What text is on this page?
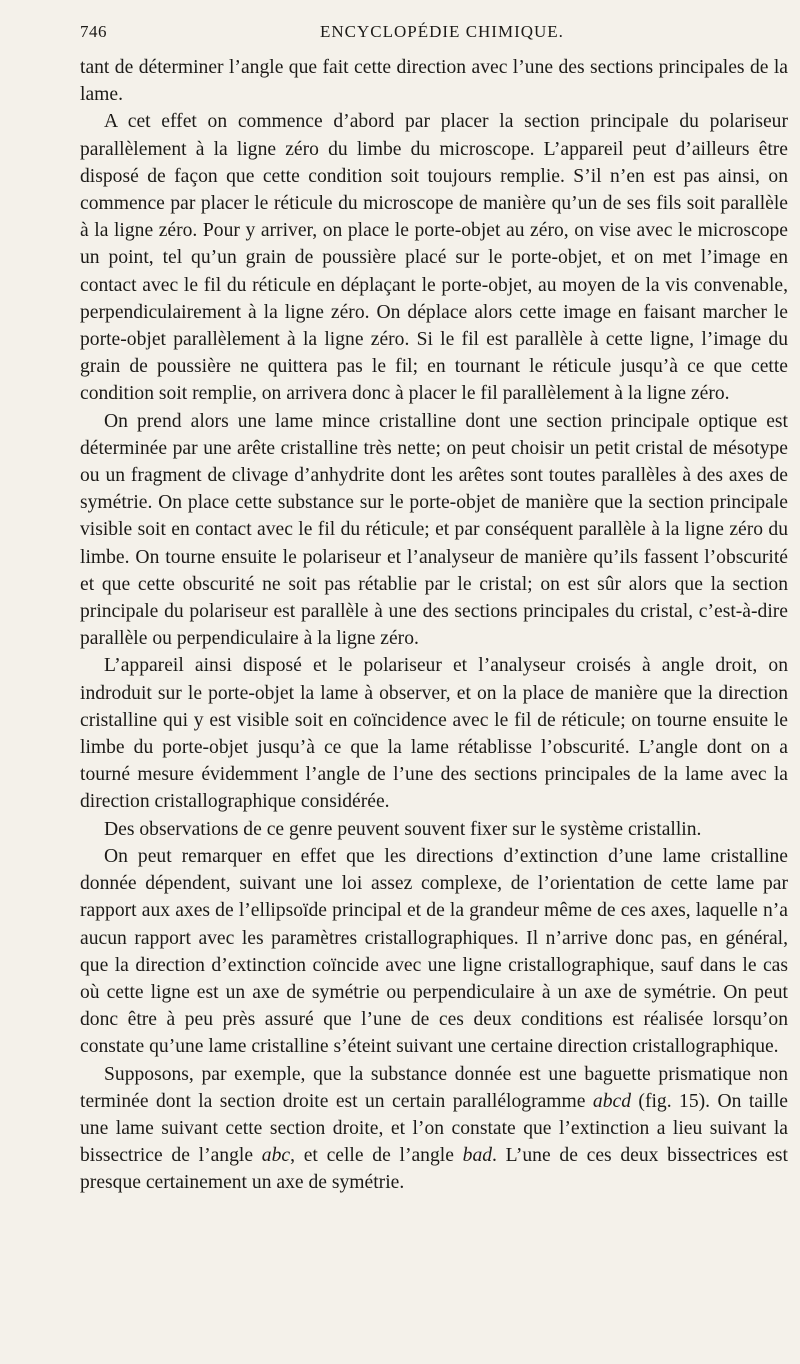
746	ENCYCLOPÉDIE CHIMIQUE.

tant de déterminer l’angle que fait cette direction avec l’une des sections principales de la lame.

A cet effet on commence d’abord par placer la section principale du polariseur parallèlement à la ligne zéro du limbe du microscope. L’appareil peut d’ailleurs être disposé de façon que cette condition soit toujours remplie. S’il n’en est pas ainsi, on commence par placer le réticule du microscope de manière qu’un de ses fils soit parallèle à la ligne zéro. Pour y arriver, on place le porte-objet au zéro, on vise avec le microscope un point, tel qu’un grain de poussière placé sur le porte-objet, et on met l’image en contact avec le fil du réticule en déplaçant le porte-objet, au moyen de la vis convenable, perpendiculairement à la ligne zéro. On déplace alors cette image en faisant marcher le porte-objet parallèlement à la ligne zéro. Si le fil est parallèle à cette ligne, l’image du grain de poussière ne quittera pas le fil; en tournant le réticule jusqu’à ce que cette condition soit remplie, on arrivera donc à placer le fil parallèlement à la ligne zéro.

On prend alors une lame mince cristalline dont une section principale optique est déterminée par une arête cristalline très nette; on peut choisir un petit cristal de mésotype ou un fragment de clivage d’anhydrite dont les arêtes sont toutes parallèles à des axes de symétrie. On place cette substance sur le porte-objet de manière que la section principale visible soit en contact avec le fil du réticule; et par conséquent parallèle à la ligne zéro du limbe. On tourne ensuite le polariseur et l’analyseur de manière qu’ils fassent l’obscurité et que cette obscurité ne soit pas rétablie par le cristal; on est sûr alors que la section principale du polariseur est parallèle à une des sections principales du cristal, c’est-à-dire parallèle ou perpendiculaire à la ligne zéro.

L’appareil ainsi disposé et le polariseur et l’analyseur croisés à angle droit, on indroduit sur le porte-objet la lame à observer, et on la place de manière que la direction cristalline qui y est visible soit en coïncidence avec le fil de réticule; on tourne ensuite le limbe du porte-objet jusqu’à ce que la lame rétablisse l’obscurité. L’angle dont on a tourné mesure évidemment l’angle de l’une des sections principales de la lame avec la direction cristallographique considérée.

Des observations de ce genre peuvent souvent fixer sur le système cristallin.

On peut remarquer en effet que les directions d’extinction d’une lame cristalline donnée dépendent, suivant une loi assez complexe, de l’orientation de cette lame par rapport aux axes de l’ellipsoïde principal et de la grandeur même de ces axes, laquelle n’a aucun rapport avec les paramètres cristallographiques. Il n’arrive donc pas, en général, que la direction d’extinction coïncide avec une ligne cristallographique, sauf dans le cas où cette ligne est un axe de symétrie ou perpendiculaire à un axe de symétrie. On peut donc être à peu près assuré que l’une de ces deux conditions est réalisée lorsqu’on constate qu’une lame cristalline s’éteint suivant une certaine direction cristallographique.

Supposons, par exemple, que la substance donnée est une baguette prismatique non terminée dont la section droite est un certain parallélogramme abcd (fig. 15). On taille une lame suivant cette section droite, et l’on constate que l’extinction a lieu suivant la bissectrice de l’angle abc, et celle de l’angle bad. L’une de ces deux bissectrices est presque certainement un axe de symétrie.
